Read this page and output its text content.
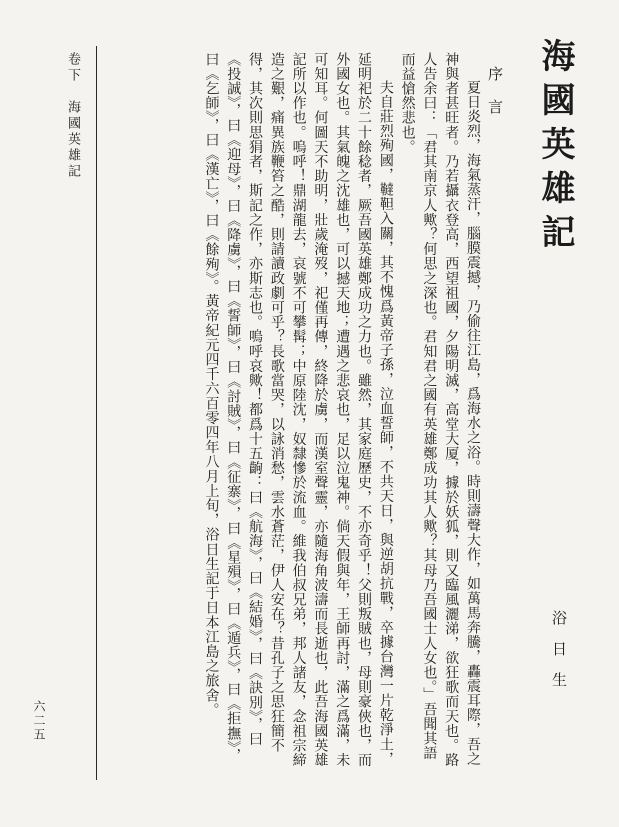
海國英雄記
序言
浴日生
夏日炎烈，海氣蒸汗，腦膜震撼，乃偷往江島，爲海水之浴。時則濤聲大作，如萬馬奔騰，轟震耳際，吾之神與者甚旺者。乃若攝衣登高，西望祖國，夕陽明滅，高堂大厦，據於妖狐，則又臨風灑涕，欲狂歌而天也。路人告余曰：「君其南京人歟？何思之深也。君知君之國有英雄鄭成功其人歟？其母乃吾國士人女也。」吾聞其語而益愴然悲也。
夫自莊烈殉國，韃靼入關，其不愧爲黃帝子孫，泣血誓師，不共天日，與逆胡抗戰，卒據台灣一片乾淨土，延明祀於二十餘稔者，厥吾國英雄鄭成功之力也。雖然，其家庭歷史，不亦奇乎！父則叛賊也，母則豪俠也，而外國女也。其氣魄之沈雄也，可以撼天地；遭遇之悲哀也，足以泣鬼神。倘天假與年，王師再討，滿之爲滿，未可知耳。何圖天不助明，壯歲淹歿，祀僅再傳，終降於虜，而漢室聲靈，亦隨海角波濤而長逝也，此吾海國英雄記所以作也。嗚呼！鼎湖龍去，哀號不可攀髯；中原陸沈，奴隸慘於流血。維我伯叔兄弟，邦人諸友，念祖宗締造之艱，痛異族鞭笞之酷，則請讀政劇可乎？長歌當哭，以詠消愁，雲水蒼茫，伊人安在？昔孔子之思狂簡不得，其次則思狷者，斯記之作，亦斯志也。嗚呼哀歟！都爲十五齣：曰《航海》，曰《結婚》，曰《訣別》，曰《投誠》，曰《迎母》，曰《降虜》，曰《誓師》，曰《討賊》，曰《征寨》，曰《星殞》，曰《遁兵》，曰《拒撫》，曰《乞師》，曰《漢亡》，曰《餘殉》。黃帝紀元四千六百零四年八月上旬，浴日生記于日本江島之旅舍。
卷下　海國英雄記
六二五
